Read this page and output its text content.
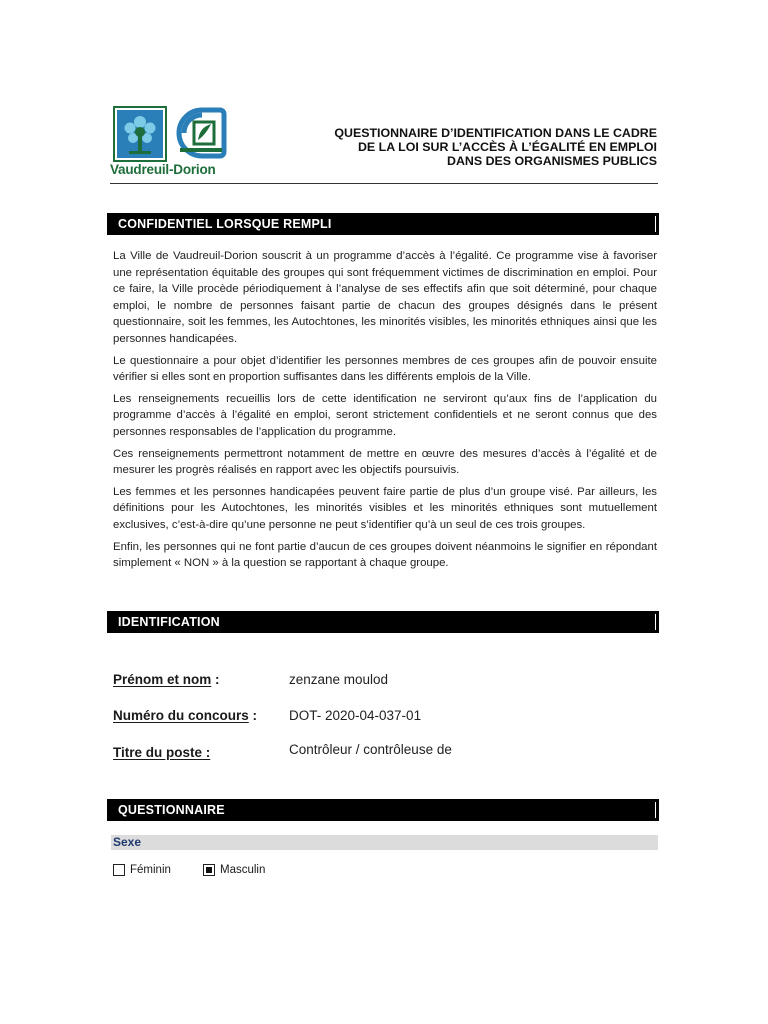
Vaudreuil-Dorion
QUESTIONNAIRE D’IDENTIFICATION DANS LE CADRE
DE LA LOI SUR L’ACCÈS À L’ÉGALITÉ EN EMPLOI
DANS DES ORGANISMES PUBLICS
CONFIDENTIEL LORSQUE REMPLI

La Ville de Vaudreuil-Dorion souscrit à un programme d’accès à l’égalité. Ce programme vise à favoriser une représentation équitable des groupes qui sont fréquemment victimes de discrimination en emploi. Pour ce faire, la Ville procède périodiquement à l’analyse de ses effectifs afin que soit déterminé, pour chaque emploi, le nombre de personnes faisant partie de chacun des groupes désignés dans le présent questionnaire, soit les femmes, les Autochtones, les minorités visibles, les minorités ethniques ainsi que les personnes handicapées.

Le questionnaire a pour objet d’identifier les personnes membres de ces groupes afin de pouvoir ensuite vérifier si elles sont en proportion suffisantes dans les différents emplois de la Ville.

Les renseignements recueillis lors de cette identification ne serviront qu’aux fins de l’application du programme d’accès à l’égalité en emploi, seront strictement confidentiels et ne seront connus que des personnes responsables de l’application du programme.

Ces renseignements permettront notamment de mettre en œuvre des mesures d’accès à l’égalité et de mesurer les progrès réalisés en rapport avec les objectifs poursuivis.

Les femmes et les personnes handicapées peuvent faire partie de plus d’un groupe visé. Par ailleurs, les définitions pour les Autochtones, les minorités visibles et les minorités ethniques sont mutuellement exclusives, c’est-à-dire qu’une personne ne peut s’identifier qu’à un seul de ces trois groupes.

Enfin, les personnes qui ne font partie d’aucun de ces groupes doivent néanmoins le signifier en répondant simplement « NON » à la question se rapportant à chaque groupe.

IDENTIFICATION
Prénom et nom :	zenzane moulod
Numéro du concours : DOT- 2020-04-037-01
Titre du poste :	Contrôleur / contrôleuse de
QUESTIONNAIRE
Sexe
Féminin	Masculin
